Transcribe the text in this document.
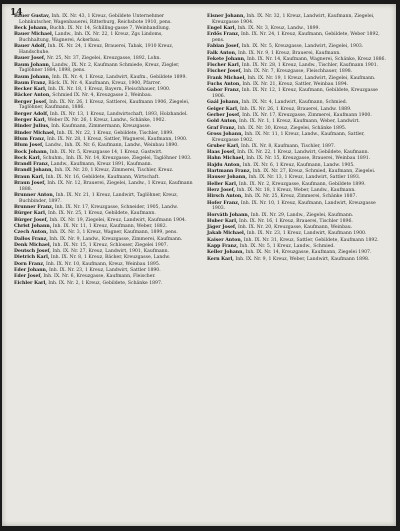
14
Bauer Gustav, Inh. IX. Nr. 43, 1 Kreuz, Gebildete Unternehmer Lohnkutscher, Wagenbauerei, Ritterburg, Reichsbote 1910, pens.
Beck Johann, Buchh. IX. Nr. 14, Schilling-gasse 7, Weinhandlung.
Bauer Michael, Landw., Inh. IX. Nr. 22, 1 Kreuz, Zgs Lindoms, Buchhaltung, Wagnerei, Ackerbau.
Bauer Adolf, Inh. IX. Nr. 24, 1 Kreuz, Brauerei, Tabak, 1910 Kreuz, Handschuhe.
Bauer Josef, Nr. 25, Nr. 37, Ziegelei, Kreuzgasse, 1892, Lohn.
Baum Johann, Landw., IX. Nr. 2, Kaufmann Schmiede, Kreuz, Ziegler, Taglöhner 1884, 1898, pens.
Baum Johann, Inh. IX. Nr. 4, 1 Kreuz, Landwirt, Kaufm., Gebildete 1899.
Baum Franz, Bäck. IX. Nr. 4, Kaufmann, Kreuz, 1900, Pfarrer.
Becker Karl, Inh. IX. Nr. 18, 1 Kreuz, Bayern, Fleischhauer, 1900.
Bäcker Anton, Schmied IX. Nr. 4, Kreuzgasse 2, Weinbau.
Berger Josef, Inh. IX. Nr. 26, 1 Kreuz, Sattlerei, Kaufmann 1906, Ziegelei, Taglöhner, Kaufmann, 1886.
Berger Adolf, Inh. IX. Nr. 13, 1 Kreuz, Landwirtschaft, 1893, Holzhandel.
Berger Karl, Weber IX. Nr. 26, 1 Kreuz, Landw., Schänke, 1902.
Binder Julius, Inh. Kaufmann, Zimmermann, Kreuzgasse.
Binder Michael, Inh. IX. Nr. 22, 1 Kreuz, Gebildete, Tischler, 1899.
Blum Franz, Inh. IX. Nr. 28, 1 Kreuz, Sattler, Wagnerei, Kaufmann, 1900.
Blum Josef, Landw., Inh. IX. Nr. 6, Kaufmann, Landw., Weinbau 1890.
Bock Johann, Inh. IX. Nr. 5, Kreuzgasse 14, 1 Kreuz, Gastwirt.
Bock Karl, Schuhm., Inh. IX. Nr. 14, Kreuzgasse, Ziegelei, Taglöhner 1903.
Brandl Franz, Landw., Kaufmann, Kreuz 1891, Kaufmann.
Brandl Johann, Inh. IX. Nr. 20, 1 Kreuz, Zimmerei, Tischler, Kreuz.
Braun Karl, Inh. IX. Nr. 16, Gebildete, Kaufmann, Wirtschaft.
Braun Josef, Inh. IX. Nr. 12, Brauerei, Ziegelei, Landw., 1 Kreuz, Kaufmann 1888.
Brunner Anton, Inh. IX. Nr. 21, 1 Kreuz, Landwirt, Taglöhner, Kreuz, Buchbinder, 1897.
Brunner Franz, Inh. IX. Nr. 17, Kreuzgasse, Schneider, 1905, Landw.
Bürger Karl, Inh. IX. Nr. 25, 1 Kreuz, Gebildete, Kaufmann.
Bürger Josef, Inh. IX. Nr. 19, Ziegelei, Kreuz, Landwirt, Kaufmann 1904.
Christ Johann, Inh. IX. Nr. 11, 1 Kreuz, Kaufmann, Weber, 1882.
Czech Anton, Inh. IX. Nr. 3, 1 Kreuz, Wagner, Kaufmann, 1899, pens.
Dallos Franz, Inh. IX. Nr. 9, Landw., Kreuzgasse, Zimmerei, Kaufmann.
Denk Michael, Inh. IX. Nr. 15, 1 Kreuz, Schlosser, Ziegelei 1907.
Deutsch Josef, Inh. IX. Nr. 27, Kreuz, Landwirt, 1901, Kaufmann.
Dietrich Karl, Inh. IX. Nr. 8, 1 Kreuz, Bäcker, Kreuzgasse, Landw.
Dorn Franz, Inh. IX. Nr. 10, Kaufmann, Kreuz, Weinbau 1895.
Eder Johann, Inh. IX. Nr. 23, 1 Kreuz, Landwirt, Sattler 1890.
Eder Josef, Inh. IX. Nr. 6, Kreuzgasse, Kaufmann, Fleischer.
Eichler Karl, Inh. IX. Nr. 2, 1 Kreuz, Gebildete, Schänke 1897.
Eisner Johann, Inh. IX. Nr. 32, 1 Kreuz, Landwirt, Kaufmann, Ziegelei, Kreuzgasse 1904.
Engel Karl, Inh. IX. Nr. 3, Kreuz, Landw., 1899.
Erdős Franz, Inh. IX. Nr. 24, 1 Kreuz, Kaufmann, Gebildete, Weber 1892, pens.
Fabian Josef, Inh. IX. Nr. 5, Kreuzgasse, Landwirt, Ziegelei, 1903.
Falk Anton, Inh. IX. Nr. 9, 1 Kreuz, Brauerei, Kaufmann.
Fekete Johann, Inh. IX. Nr. 14, Kaufmann, Wagnerei, Schänke, Kreuz 1886.
Fischer Karl, Inh. IX. Nr. 28, 1 Kreuz, Landw., Tischler, Kaufmann 1901.
Fischer Josef, Inh. IX. Nr. 7, Kreuzgasse, Fleischhauer, 1898.
Frank Michael, Inh. IX. Nr. 19, 1 Kreuz, Landwirt, Ziegelei, Kaufmann.
Fuchs Anton, Inh. IX. Nr. 21, Kreuz, Sattler, Weinbau 1894.
Gabor Franz, Inh. IX. Nr. 12, 1 Kreuz, Kaufmann, Gebildete, Kreuzgasse 1906.
Gaál Johann, Inh. IX. Nr. 4, Landwirt, Kaufmann, Schmied.
Geiger Karl, Inh. IX. Nr. 26, 1 Kreuz, Brauerei, Landw. 1889.
Gerber Josef, Inh. IX. Nr. 17, Kreuzgasse, Zimmerei, Kaufmann 1900.
Gold Anton, Inh. IX. Nr. 1, 1 Kreuz, Kaufmann, Weber, Landwirt.
Graf Franz, Inh. IX. Nr. 30, Kreuz, Ziegelei, Schänke 1895.
Gross Johann, Inh. IX. Nr. 11, 1 Kreuz, Landw., Kaufmann, Sattler, Kreuzgasse 1902.
Gruber Karl, Inh. IX. Nr. 8, Kaufmann, Tischler, 1897.
Haas Josef, Inh. IX. Nr. 22, 1 Kreuz, Landwirt, Gebildete, Kaufmann.
Hahn Michael, Inh. IX. Nr. 15, Kreuzgasse, Brauerei, Weinbau 1891.
Hajdu Anton, Inh. IX. Nr. 6, 1 Kreuz, Kaufmann, Landw. 1905.
Hartmann Franz, Inh. IX. Nr. 27, Kreuz, Schmied, Kaufmann, Ziegelei.
Hauser Johann, Inh. IX. Nr. 13, 1 Kreuz, Landwirt, Sattler 1893.
Heller Karl, Inh. IX. Nr. 2, Kreuzgasse, Kaufmann, Gebildete 1899.
Herz Josef, Inh. IX. Nr. 18, 1 Kreuz, Weber, Landw., Kaufmann.
Hirsch Anton, Inh. IX. Nr. 25, Kreuz, Zimmerei, Schänke 1887.
Hofer Franz, Inh. IX. Nr. 10, 1 Kreuz, Kaufmann, Landwirt, Kreuzgasse 1903.
Horváth Johann, Inh. IX. Nr. 29, Landw., Ziegelei, Kaufmann.
Huber Karl, Inh. IX. Nr. 16, 1 Kreuz, Brauerei, Tischler 1896.
Jäger Josef, Inh. IX. Nr. 20, Kreuzgasse, Kaufmann, Weinbau.
Jakab Michael, Inh. IX. Nr. 23, 1 Kreuz, Landwirt, Kaufmann 1900.
Kaiser Anton, Inh. IX. Nr. 31, Kreuz, Sattler, Gebildete, Kaufmann 1892.
Kapp Franz, Inh. IX. Nr. 5, 1 Kreuz, Landw., Schmied.
Keller Johann, Inh. IX. Nr. 14, Kreuzgasse, Kaufmann, Ziegelei 1907.
Kern Karl, Inh. IX. Nr. 9, 1 Kreuz, Weber, Landwirt, Kaufmann 1898.
